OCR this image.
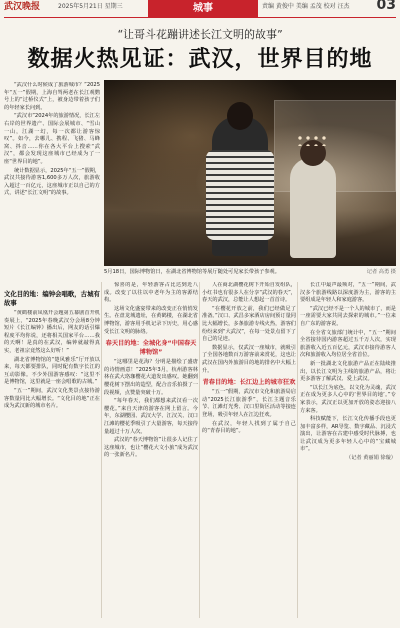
武汉晚报	2025年5月21日 星期三	城事	责编 黄俊中 美编 孟茂 校对 汪杰 03
“让哥斗花蹦讲述长江文明的故事”
数据火热见证：武汉，世界目的地

“武汉什么时候成了旅游城市？”2025年“五一”假期，上海自驾两老在长江观鹦号上的“过桥仪式”上，被身边带着孩子们的年轻家长问到。

“武汉市”2024年的旅游情况，长江左右岸的世界遗产、国际会展城市、“雪山一山，江湖一幻，每一次都让游客惊叹”。如今，去哪儿、携程、飞猪、马蜂窝、抖音……你在各大平台上搜索“武汉”，都会发现这座城市已经成为了一座“世界目的地”。

统计数据显示，2025年“五一”假期，武汉共接待游客1,600多万人次，旅游收入超过一百亿元，这座城市正以自己的方式，讲述“长江文明”的故事。

5月18日，国际博物馆日，在湖北省博物馆等展厅随处可见家长带孩子参观。	记者 高勇 摄
文化目的地：编钟会唱歌，古城有故事

“黄鹤楼前凤凰开会题第五幕剧首开机奏展上，“2025年春晚武汉分会场8分钟短片《长江编钟》播出后，网友的话引爆程度平均你说，还将相关国家平台……我的天啊！是真的在武汉，编钟就敲得真实，老祖宗竟然这么好听！”

湖北省博物馆的“楚风雅乐”厅开放以来，每天都要排队，同时配有数字长江的互动影像。不少外国游客感叹：“这里不是博物馆，这里就是一座会唱歌的古城。”

“五一”期间，武汉文化类景点接待游客数量同比大幅增长。“文化目的地”正在成为武汉新的城市名片。

惊喜的是，年轻游客占比达到近八成。改变了以往以中老年为主的客源结构。

这场文化盛宴带来的改变正在悄悄发生。在盘龙城遗址，在黄鹤楼，在湖北省博物馆，游客用手机记录下历史，用心感受长江文明的脉络。

春天目的地：全城化身“中国春天博物馆”

“这哪里是花海？分明是描绘了盛唐的诗情画意！”2025年3月，杭州游客林林在武大珞珈樱花大道发出感叹。她翻到樱花树下摆出的造型，配合音乐拍摄了一段视频，点赞量突破十万。

“每年春天，我们都想来武汉看一次樱花。”来自天津的游客在网上留言。今年，东湖樱园、武汉大学、江汉关、汉口江滩的樱花季吸引了大量游客，每天接待量超过十万人次。

武汉的“春天博物馆”让很多人记住了这座城市，也让“樱花大文小旅”成为武汉的一张新名片。

人在商北湖樱花树下开始自发组队，小红书也有很多人在分享“武汉的春天”，春天的武汉，总能让人想起一首首诗。

“在樱花开放之前，我们已经做足了准备。”汉口、武昌多家酒店房间预订量同比大幅增长，多条旅游专线火热，游客们纷纷来到“大武汉”，在每一处景点留下了自己的足迹。

数据显示，仅武汉一座城市，就吸引了全国各地数百万游客前来赏花，这也让武汉在国内外旅游目的地的排名中大幅上升。

青春目的地：长江边上的城市狂欢

“五一”假期，武汉市文化和旅游局启动“2025长江旅游季”，长江主题音乐节、江滩灯光秀、汉口里街区活动等接连登场，吸引年轻人在江边狂欢。

在武汉，年轻人找到了属于自己的“青春目的地”。

长江中最声最频对，“五一”期间，武汉多个旅游线路以深度游为主，游客的主要组成是年轻人和家庭游客。

“武汉已经不是一个人的城市了，而是一座需要大家共同去探索的城市。”一位来自广东的游客说。

在全省文旅部门统计中，“五一”期间全省接待国内游客超过五千万人次，实现旅游收入近五百亿元，武汉市接待游客人次和旅游收入均位居全省首位。

新一批湖北文化旅游产品正在陆续推出，以长江文明为主线的旅游产品，将让更多游客了解武汉、爱上武汉。

“以长江为底色，以文化为灵魂，武汉正在成为更多人心中的‘世界目的地’。”专家表示，武汉正以更加开放的姿态迎接八方来客。

科技赋能下，长江文化传播手段也更加丰富多样，AR导览、数字藏品、沉浸式演出，让游客在古建中感受时代脉搏，也让武汉成为更多年轻人心中的“宝藏城市”。

（记者 黄丽娟 徐璇）
